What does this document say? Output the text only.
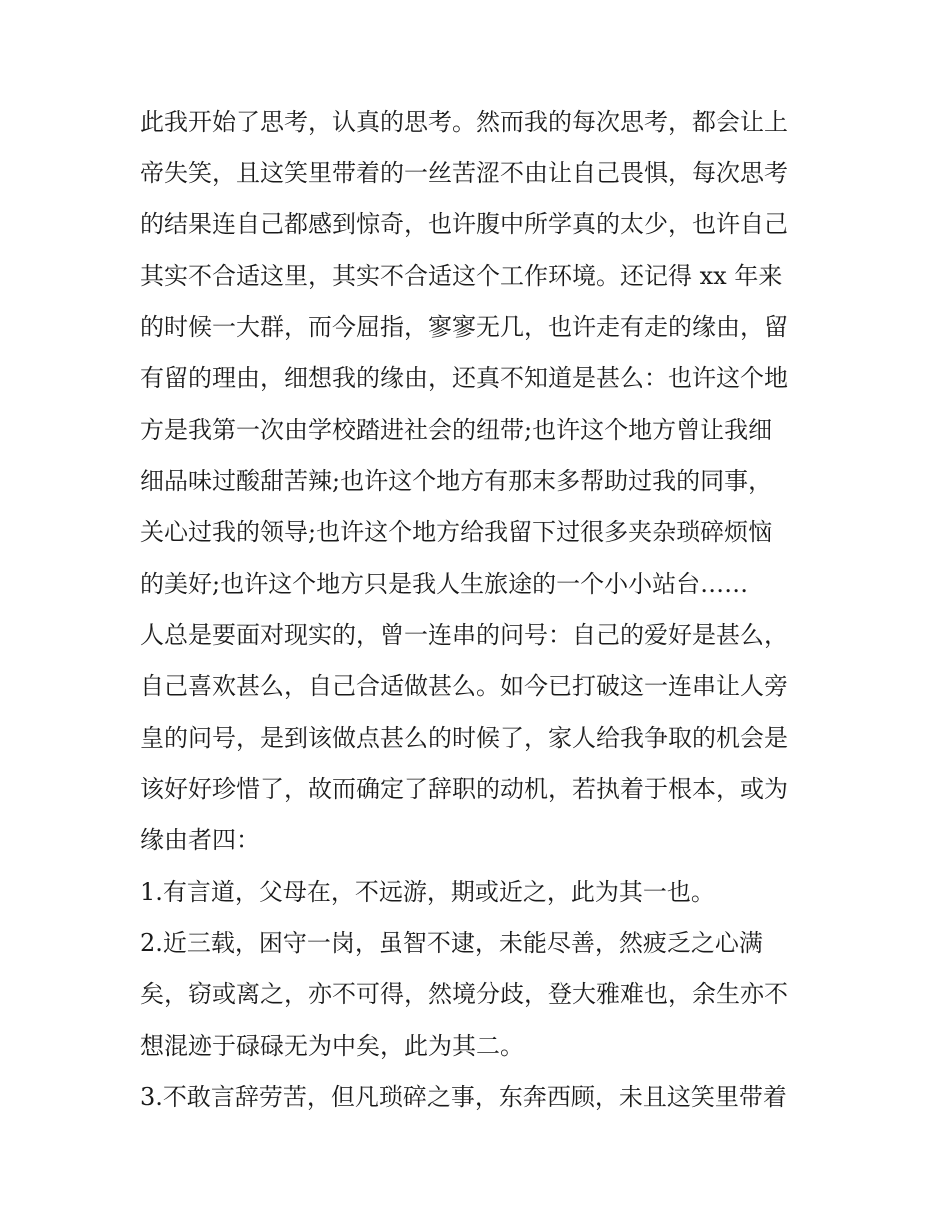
此我开始了思考，认真的思考。然而我的每次思考，都会让上
帝失笑，且这笑里带着的一丝苦涩不由让自己畏惧，每次思考
的结果连自己都感到惊奇，也许腹中所学真的太少，也许自己
其实不合适这里，其实不合适这个工作环境。还记得 xx 年来
的时候一大群，而今屈指，寥寥无几，也许走有走的缘由，留
有留的理由，细想我的缘由，还真不知道是甚么：也许这个地
方是我第一次由学校踏进社会的纽带;也许这个地方曾让我细
细品味过酸甜苦辣;也许这个地方有那末多帮助过我的同事，
关心过我的领导;也许这个地方给我留下过很多夹杂琐碎烦恼
的美好;也许这个地方只是我人生旅途的一个小小站台……
人总是要面对现实的，曾一连串的问号：自己的爱好是甚么，
自己喜欢甚么，自己合适做甚么。如今已打破这一连串让人旁
皇的问号，是到该做点甚么的时候了，家人给我争取的机会是
该好好珍惜了，故而确定了辞职的动机，若执着于根本，或为
缘由者四：
1.有言道，父母在，不远游，期或近之，此为其一也。
2.近三载，困守一岗，虽智不逮，未能尽善，然疲乏之心满
矣，窃或离之，亦不可得，然境分歧，登大雅难也，余生亦不
想混迹于碌碌无为中矣，此为其二。
3.不敢言辞劳苦，但凡琐碎之事，东奔西顾，未且这笑里带着
